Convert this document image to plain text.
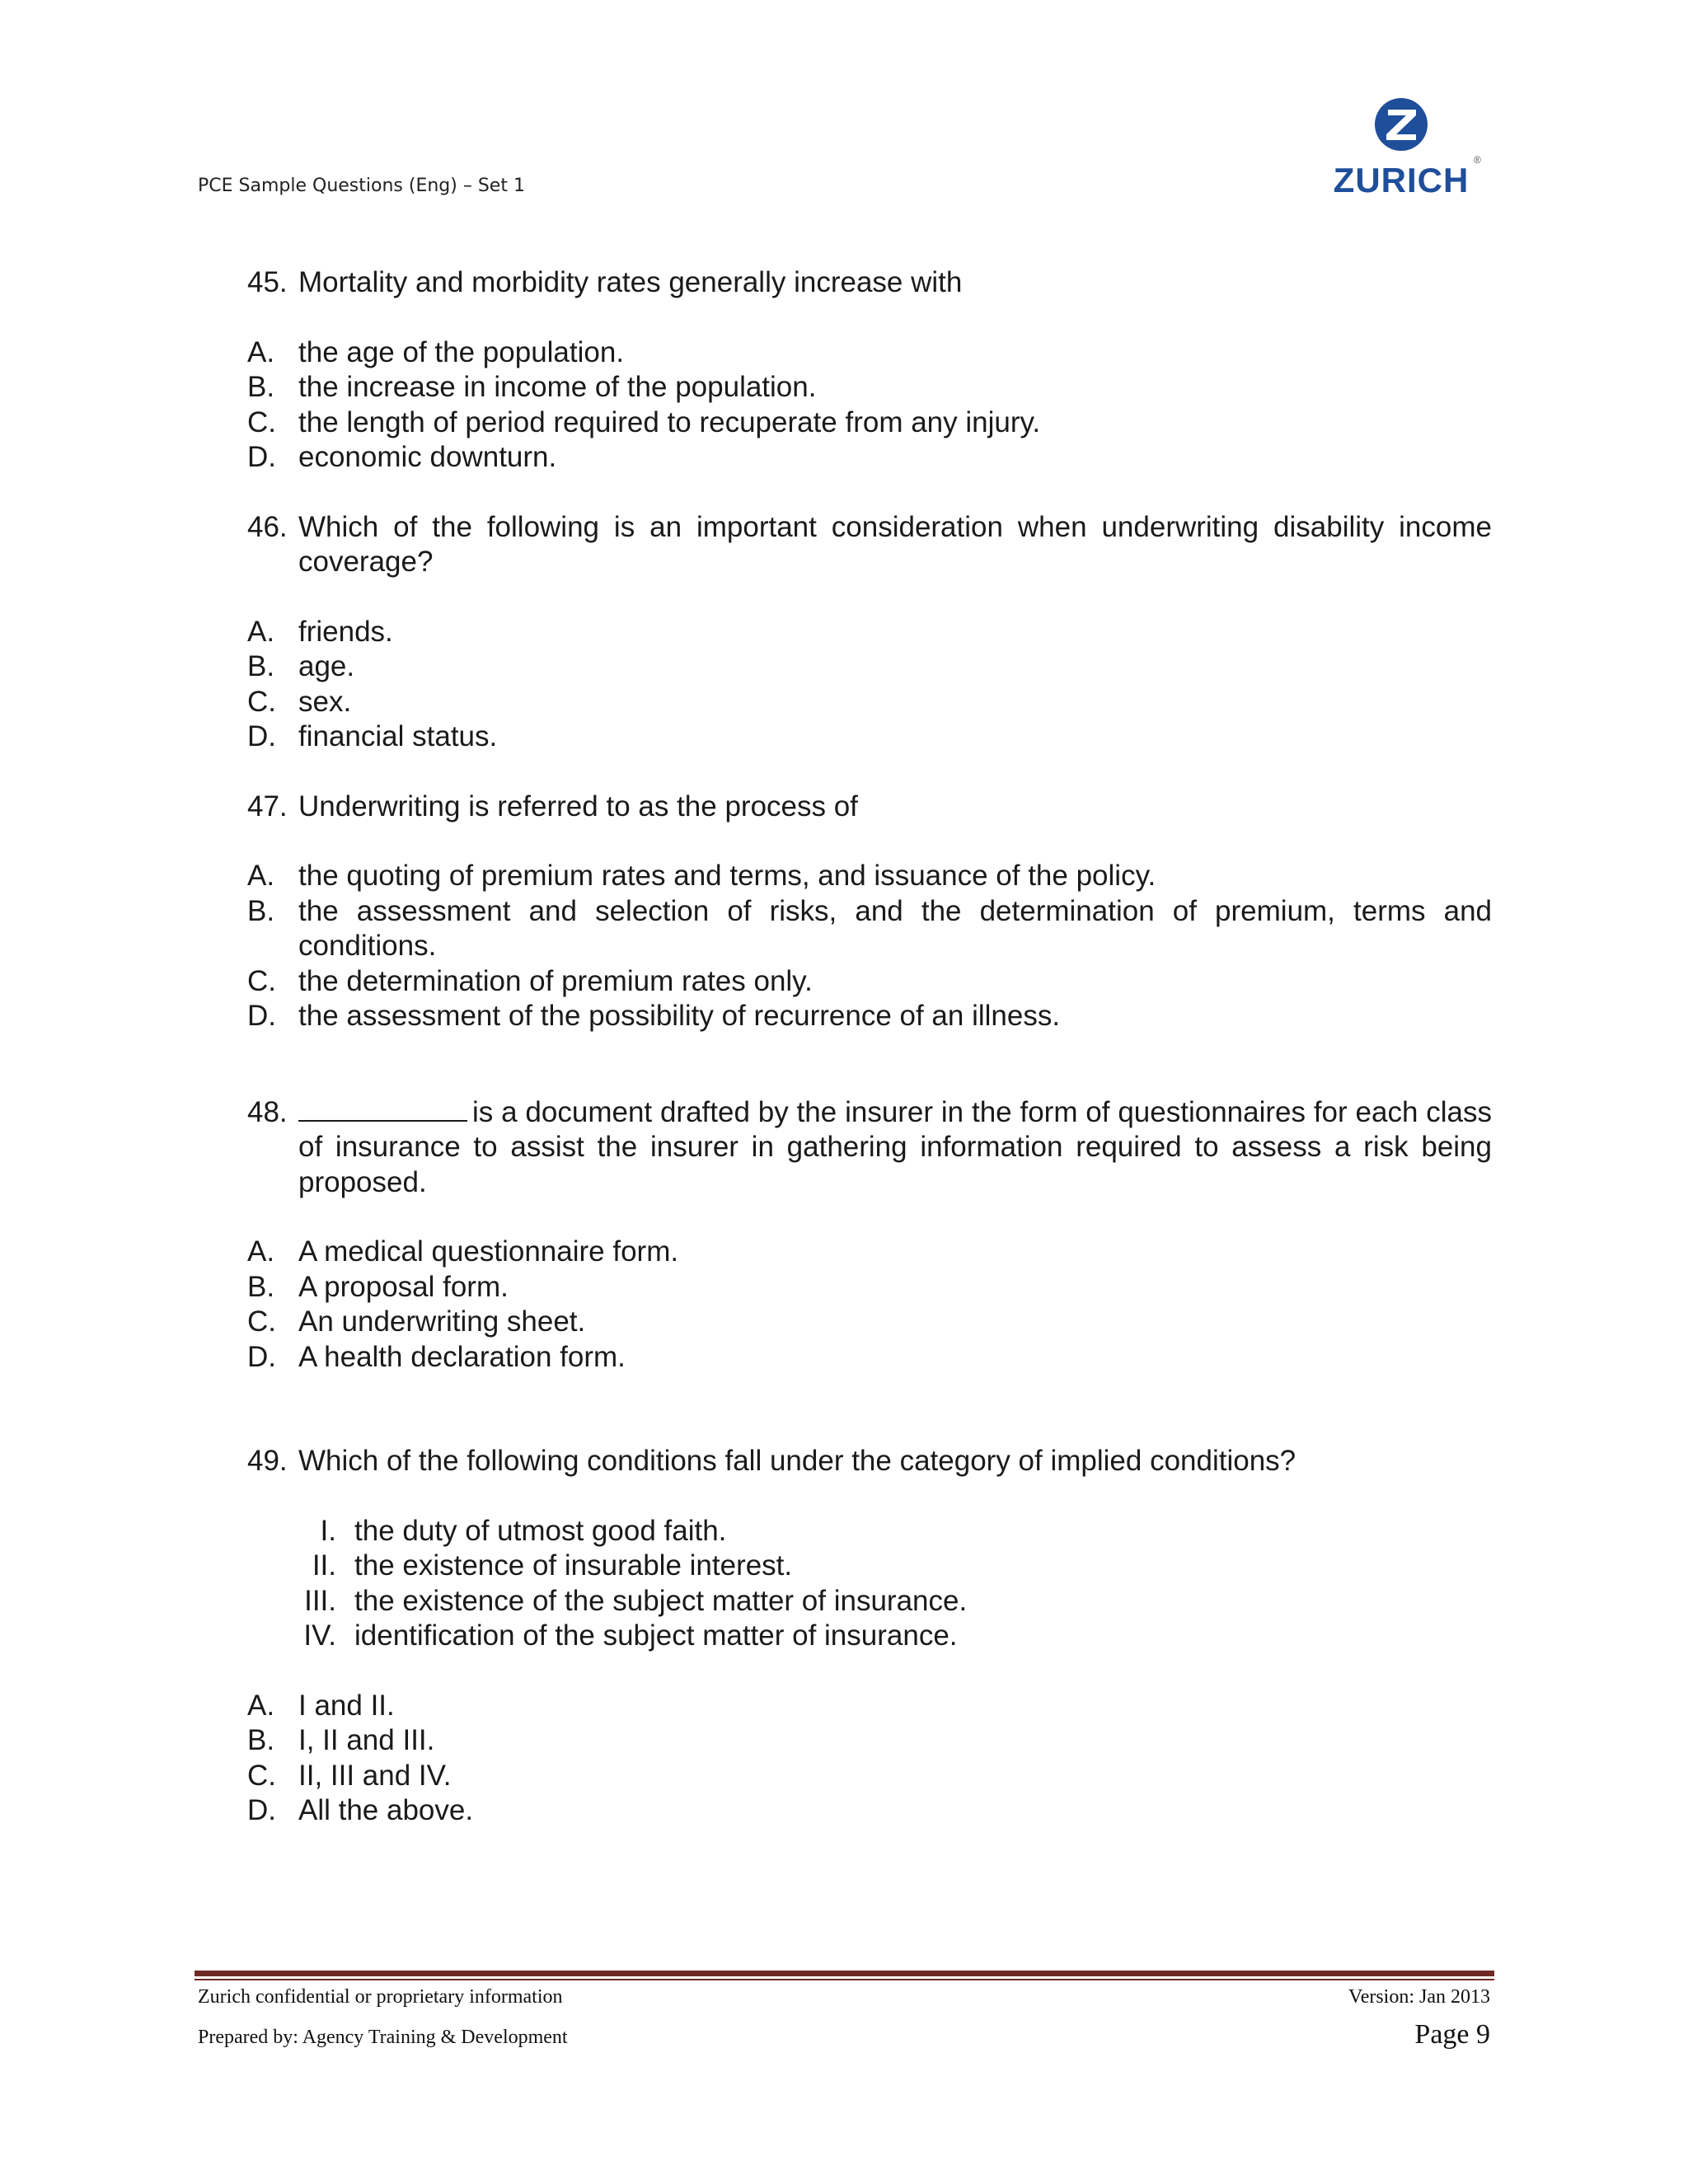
PCE Sample Questions (Eng) – Set 1	ZURICH
®
45. Mortality and morbidity rates generally increase with
A. the age of the population.
B. the increase in income of the population.
C. the length of period required to recuperate from any injury.
D. economic downturn.
46. Which of the following is an important consideration when underwriting disability income coverage?
A. friends.
B. age.
C. sex.
D. financial status.
47. Underwriting is referred to as the process of
A. the quoting of premium rates and terms, and issuance of the policy.
B. the assessment and selection of risks, and the determination of premium, terms and conditions.
C. the determination of premium rates only.
D. the assessment of the possibility of recurrence of an illness.
48.	is a document drafted by the insurer in the form of questionnaires for each class of insurance to assist the insurer in gathering information required to assess a risk being proposed.
A. A medical questionnaire form.
B. A proposal form.
C. An underwriting sheet.
D. A health declaration form.
49. Which of the following conditions fall under the category of implied conditions?
I. the duty of utmost good faith.
II. the existence of insurable interest.
III. the existence of the subject matter of insurance.
IV. identification of the subject matter of insurance.
A. I and II.
B. I, II and III.
C. II, III and IV.
D. All the above.
Zurich confidential or proprietary information	Version: Jan 2013
Prepared by: Agency Training & Development	Page 9
